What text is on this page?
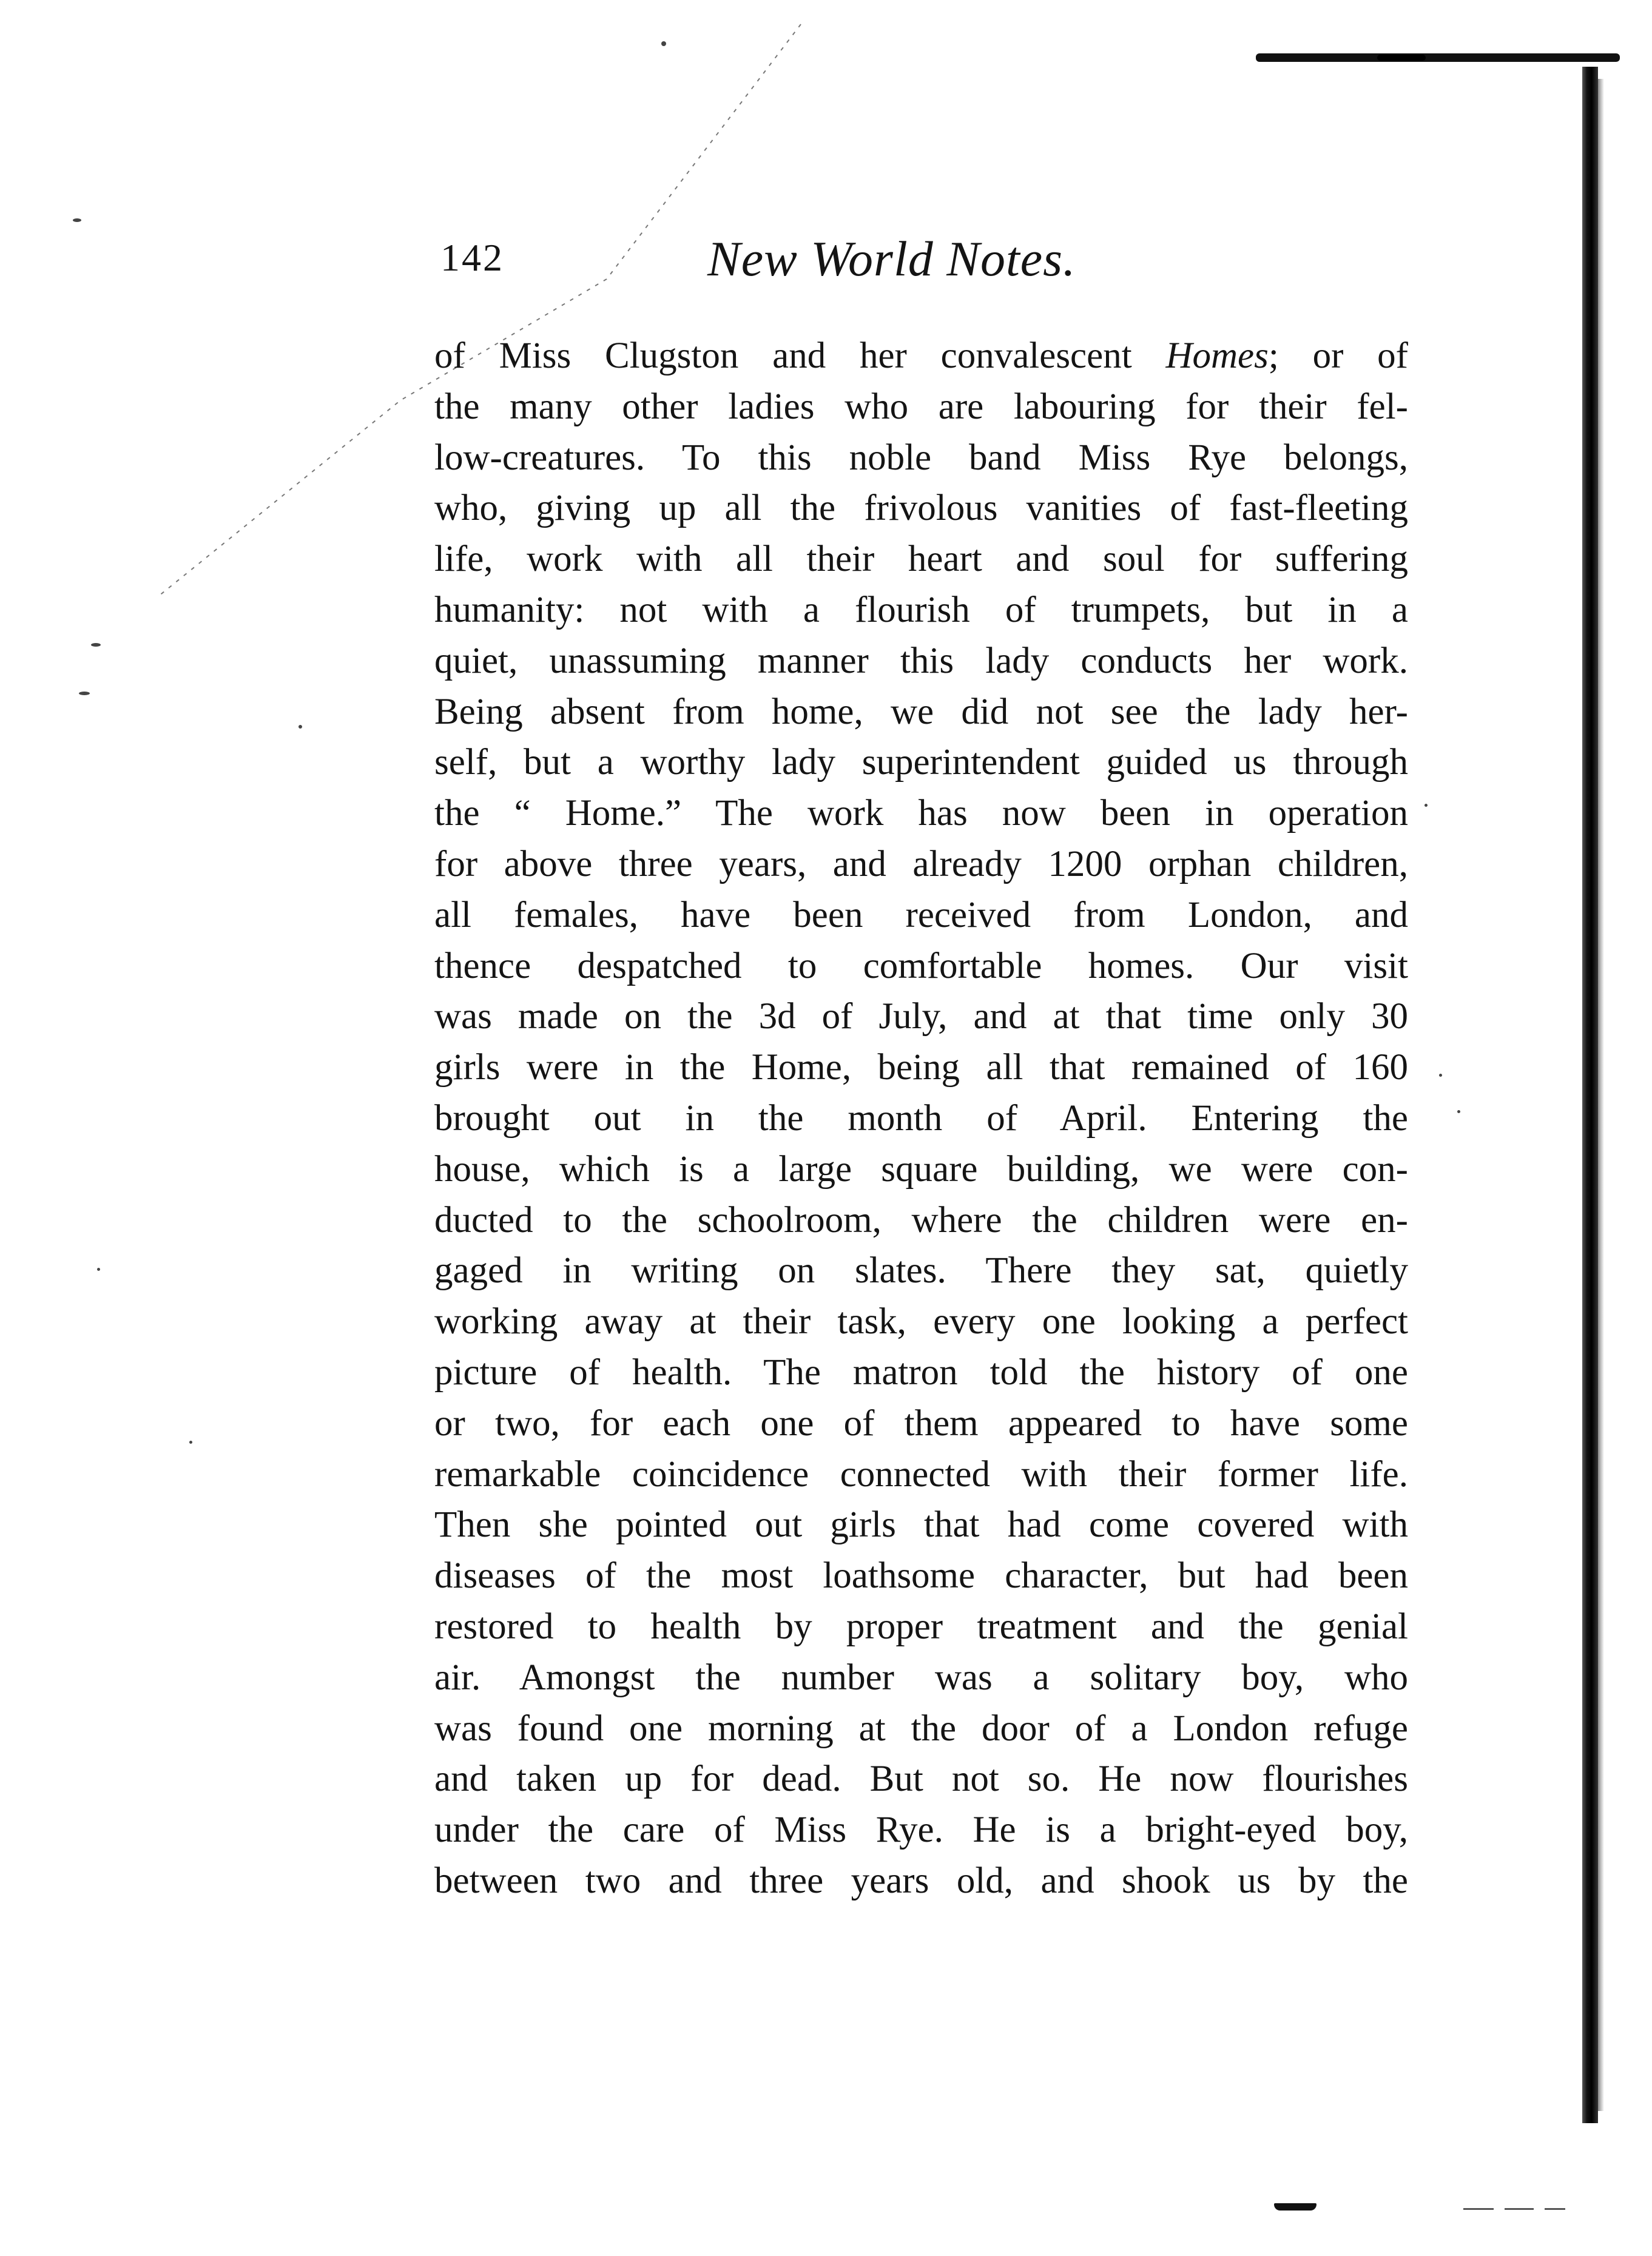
142	New World Notes.
of Miss Clugston and her convalescent Homes; or of
the many other ladies who are labouring for their fel-
low-creatures. To this noble band Miss Rye belongs,
who, giving up all the frivolous vanities of fast-fleeting
life, work with all their heart and soul for suffering
humanity: not with a flourish of trumpets, but in a
quiet, unassuming manner this lady conducts her work.
Being absent from home, we did not see the lady her-
self, but a worthy lady superintendent guided us through
the “ Home.” The work has now been in operation
for above three years, and already 1200 orphan children,
all females, have been received from London, and
thence despatched to comfortable homes. Our visit
was made on the 3d of July, and at that time only 30
girls were in the Home, being all that remained of 160
brought out in the month of April. Entering the
house, which is a large square building, we were con-
ducted to the schoolroom, where the children were en-
gaged in writing on slates. There they sat, quietly
working away at their task, every one looking a perfect
picture of health. The matron told the history of one
or two, for each one of them appeared to have some
remarkable coincidence connected with their former life.
Then she pointed out girls that had come covered with
diseases of the most loathsome character, but had been
restored to health by proper treatment and the genial
air. Amongst the number was a solitary boy, who
was found one morning at the door of a London refuge
and taken up for dead. But not so. He now flourishes
under the care of Miss Rye. He is a bright-eyed boy,
between two and three years old, and shook us by the
